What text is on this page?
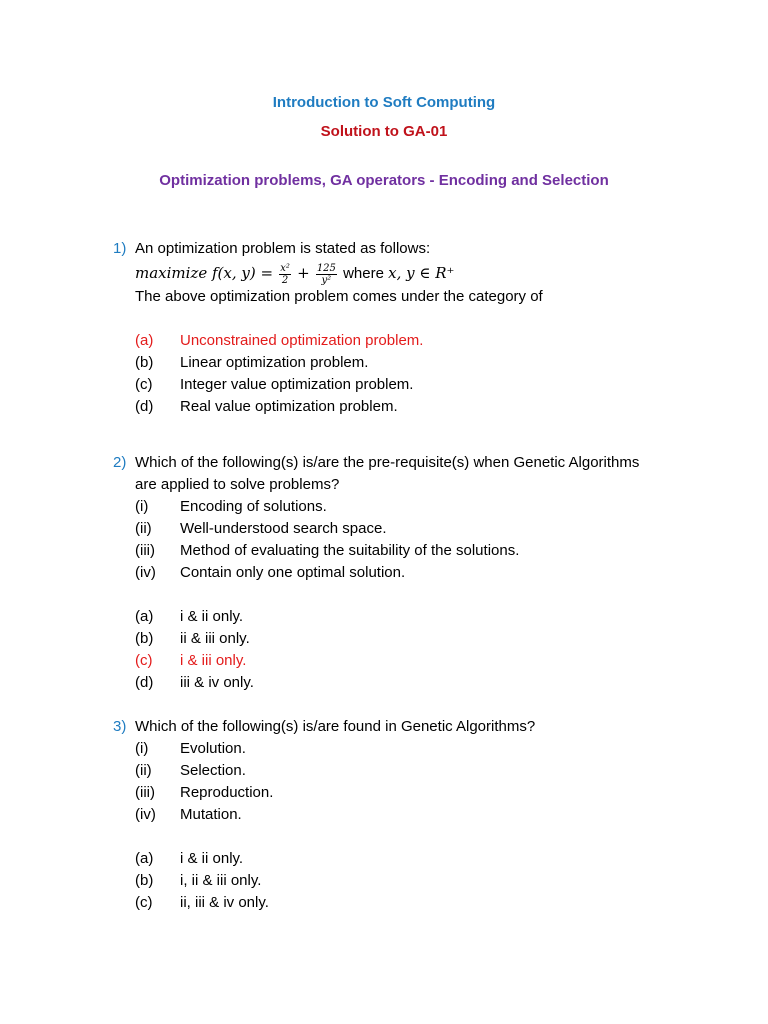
Introduction to Soft Computing
Solution to GA-01
Optimization problems, GA operators - Encoding and Selection
1) An optimization problem is stated as follows:
maximize f(x, $y) = \frac{\text{x²}}{2} + \frac{125}{\text{y²}}$ where x, y ∈ R⁺
The above optimization problem comes under the category of
(a)	Unconstrained optimization problem.
(b)	Linear optimization problem.
(c)	Integer value optimization problem.
(d)	Real value optimization problem.
2) Which of the following(s) is/are the pre-requisite(s) when Genetic Algorithms
are applied to solve problems?
(i)	Encoding of solutions.
(ii)	Well-understood search space.
(iii)	Method of evaluating the suitability of the solutions.
(iv)	Contain only one optimal solution.
(a)	i & ii only.
(b)	ii & iii only.
(c)	i & iii only.
(d)	iii & iv only.
3) Which of the following(s) is/are found in Genetic Algorithms?
(i)	Evolution.
(ii)	Selection.
(iii)	Reproduction.
(iv)	Mutation.
(a)	i & ii only.
(b)	i, ii & iii only.
(c)	ii, iii & iv only.
